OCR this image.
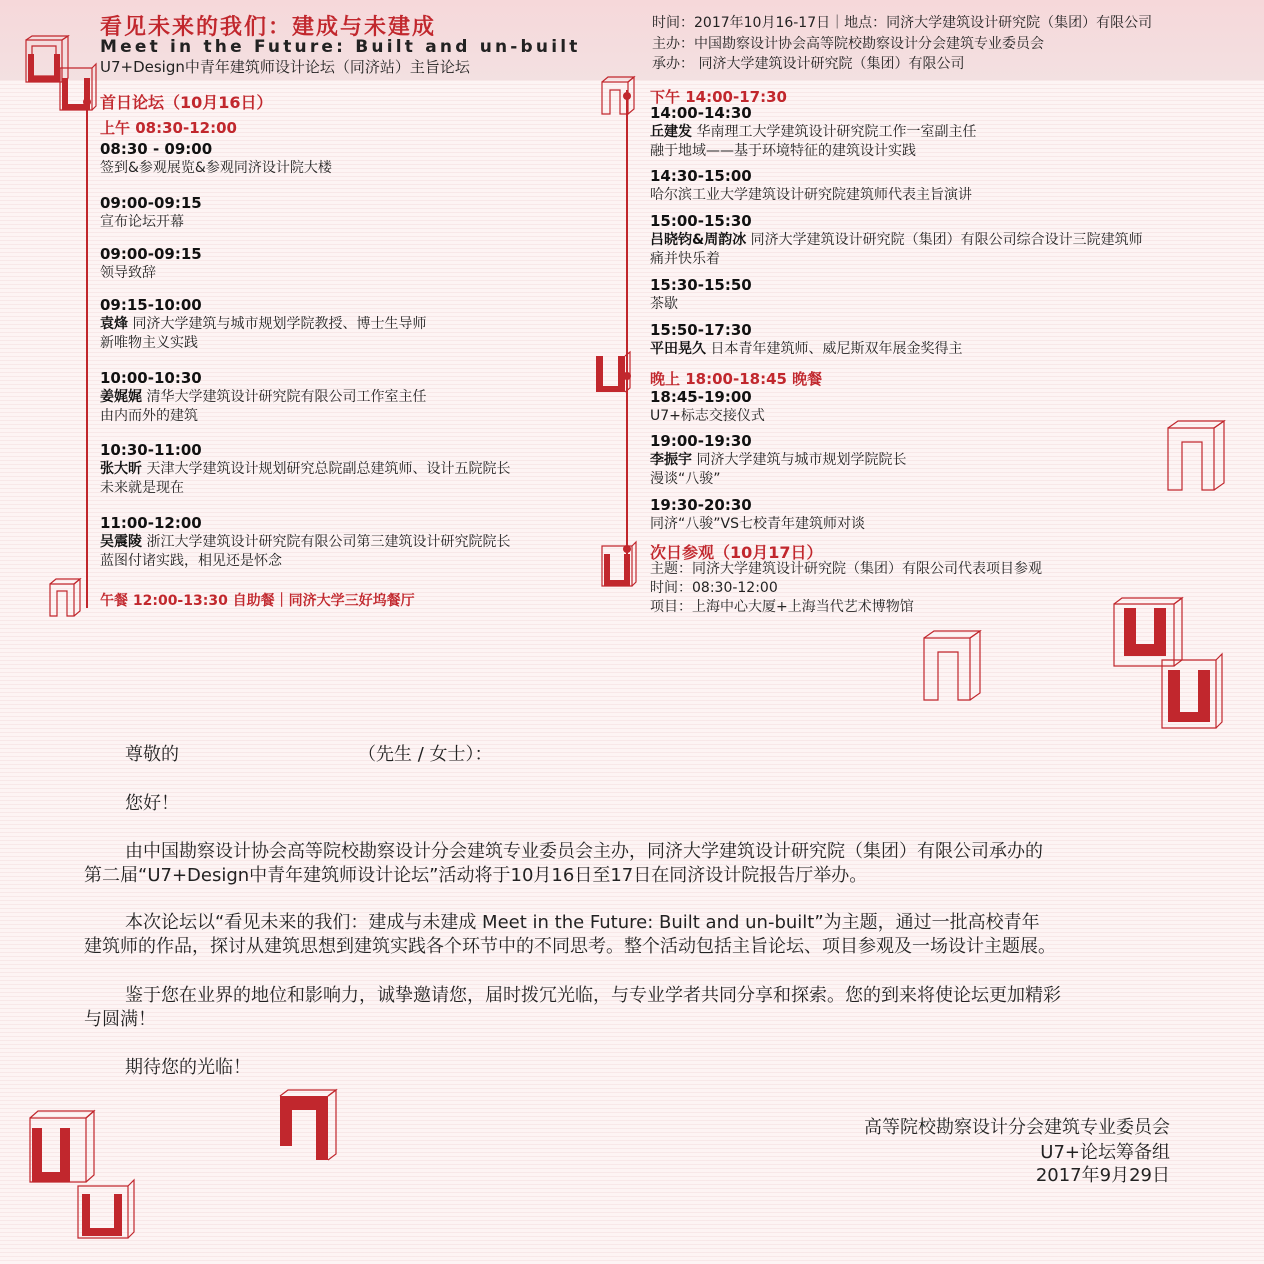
看见未来的我们：建成与未建成
Meet in the Future: Built and un-built
U7+Design中青年建筑师设计论坛（同济站）主旨论坛
时间：2017年10月16-17日｜地点：同济大学建筑设计研究院（集团）有限公司
主办：中国勘察设计协会高等院校勘察设计分会建筑专业委员会
承办： 同济大学建筑设计研究院（集团）有限公司
首日论坛（10月16日）
上午 08:30-12:00
08:30 - 09:00
签到&参观展览&参观同济设计院大楼
09:00-09:15
宣布论坛开幕
09:00-09:15
领导致辞
09:15-10:00
袁烽 同济大学建筑与城市规划学院教授、博士生导师
新唯物主义实践
10:00-10:30
姜娓娓 清华大学建筑设计研究院有限公司工作室主任
由内而外的建筑
10:30-11:00
张大昕 天津大学建筑设计规划研究总院副总建筑师、设计五院院长
未来就是现在
11:00-12:00
吴震陵 浙江大学建筑设计研究院有限公司第三建筑设计研究院院长
蓝图付诸实践，相见还是怀念
午餐 12:00-13:30 自助餐｜同济大学三好坞餐厅
下午 14:00-17:30
14:00-14:30
丘建发 华南理工大学建筑设计研究院工作一室副主任
融于地域——基于环境特征的建筑设计实践
14:30-15:00
哈尔滨工业大学建筑设计研究院建筑师代表主旨演讲
15:00-15:30
吕晓钧&周韵冰 同济大学建筑设计研究院（集团）有限公司综合设计三院建筑师
痛并快乐着
15:30-15:50
茶歇
15:50-17:30
平田晃久 日本青年建筑师、威尼斯双年展金奖得主
晚上 18:00-18:45 晚餐
18:45-19:00
U7+标志交接仪式
19:00-19:30
李振宇 同济大学建筑与城市规划学院院长
漫谈“八骏”
19:30-20:30
同济“八骏”VS七校青年建筑师对谈
次日参观（10月17日）
主题：同济大学建筑设计研究院（集团）有限公司代表项目参观
时间：08:30-12:00
项目：上海中心大厦+上海当代艺术博物馆
尊敬的	（先生 / 女士）：
您好！
由中国勘察设计协会高等院校勘察设计分会建筑专业委员会主办，同济大学建筑设计研究院（集团）有限公司承办的
第二届“U7+Design中青年建筑师设计论坛”活动将于10月16日至17日在同济设计院报告厅举办。
本次论坛以“看见未来的我们：建成与未建成 Meet in the Future: Built and un-built”为主题，通过一批高校青年
建筑师的作品，探讨从建筑思想到建筑实践各个环节中的不同思考。整个活动包括主旨论坛、项目参观及一场设计主题展。
鉴于您在业界的地位和影响力，诚挚邀请您，届时拨冗光临，与专业学者共同分享和探索。您的到来将使论坛更加精彩
与圆满！
期待您的光临！
高等院校勘察设计分会建筑专业委员会
U7+论坛筹备组
2017年9月29日
